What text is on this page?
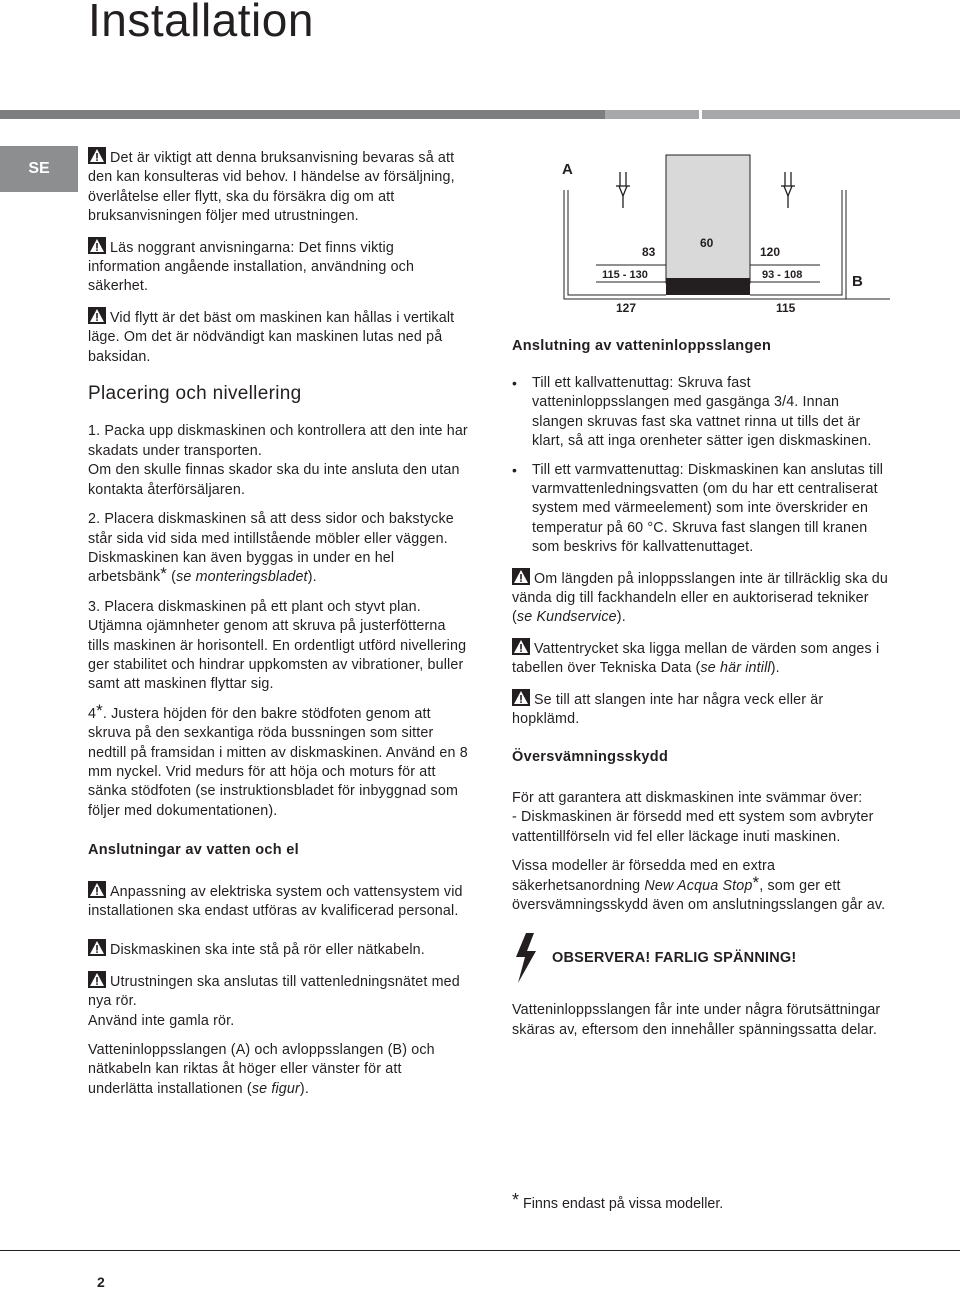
Installation
SE

Det är viktigt att denna bruksanvisning bevaras så att den kan konsulteras vid behov. I händelse av försäljning, överlåtelse eller flytt, ska du försäkra dig om att bruksanvisningen följer med utrustningen.

Läs noggrant anvisningarna: Det finns viktig information angående installation, användning och säkerhet.

Vid flytt är det bäst om maskinen kan hållas i vertikalt läge. Om det är nödvändigt kan maskinen lutas ned på baksidan.

Placering och nivellering

1. Packa upp diskmaskinen och kontrollera att den inte har skadats under transporten.

Om den skulle finnas skador ska du inte ansluta den utan kontakta återförsäljaren.

2. Placera diskmaskinen så att dess sidor och bakstycke står sida vid sida med intillstående möbler eller väggen. Diskmaskinen kan även byggas in under en hel arbetsbänk* (se monteringsbladet).

3. Placera diskmaskinen på ett plant och styvt plan. Utjämna ojämnheter genom att skruva på justerfötterna tills maskinen är horisontell. En ordentligt utförd nivellering ger stabilitet och hindrar uppkomsten av vibrationer, buller samt att maskinen flyttar sig.

4*. Justera höjden för den bakre stödfoten genom att skruva på den sexkantiga röda bussningen som sitter nedtill på framsidan i mitten av diskmaskinen. Använd en 8 mm nyckel. Vrid medurs för att höja och moturs för att sänka stödfoten (se instruktionsbladet för inbyggnad som följer med dokumentationen).

Anslutningar av vatten och el

Anpassning av elektriska system och vattensystem vid installationen ska endast utföras av kvalificerad personal.

Diskmaskinen ska inte stå på rör eller nätkabeln.

Utrustningen ska anslutas till vattenledningsnätet med nya rör.

Använd inte gamla rör.

Vatteninloppsslangen (A) och avloppsslangen (B) och nätkabeln kan riktas åt höger eller vänster för att underlätta installationen (se figur).

A
B
83
60
120
115 - 130	93 - 108
127	115
Anslutning av vatteninloppsslangen
•	Till ett kallvattenuttag: Skruva fast vatteninloppsslangen med gasgänga 3/4. Innan slangen skruvas fast ska vattnet rinna ut tills det är klart, så att inga orenheter sätter igen diskmaskinen.
•	Till ett varmvattenuttag: Diskmaskinen kan anslutas till varmvattenledningsvatten (om du har ett centraliserat system med värmeelement) som inte överskrider en temperatur på 60 °C. Skruva fast slangen till kranen som beskrivs för kallvattenuttaget.

Om längden på inloppsslangen inte är tillräcklig ska du vända dig till fackhandeln eller en auktoriserad tekniker (se Kundservice).

Vattentrycket ska ligga mellan de värden som anges i tabellen över Tekniska Data (se här intill).

Se till att slangen inte har några veck eller är hopklämd.

Översvämningsskydd

För att garantera att diskmaskinen inte svämmar över:

- Diskmaskinen är försedd med ett system som avbryter vattentillförseln vid fel eller läckage inuti maskinen.

Vissa modeller är försedda med en extra säkerhetsanordning New Acqua Stop*, som ger ett översvämningsskydd även om anslutningsslangen går av.

OBSERVERA! FARLIG SPÄNNING!

Vatteninloppsslangen får inte under några förutsättningar skäras av, eftersom den innehåller spänningssatta delar.

* Finns endast på vissa modeller.
2
